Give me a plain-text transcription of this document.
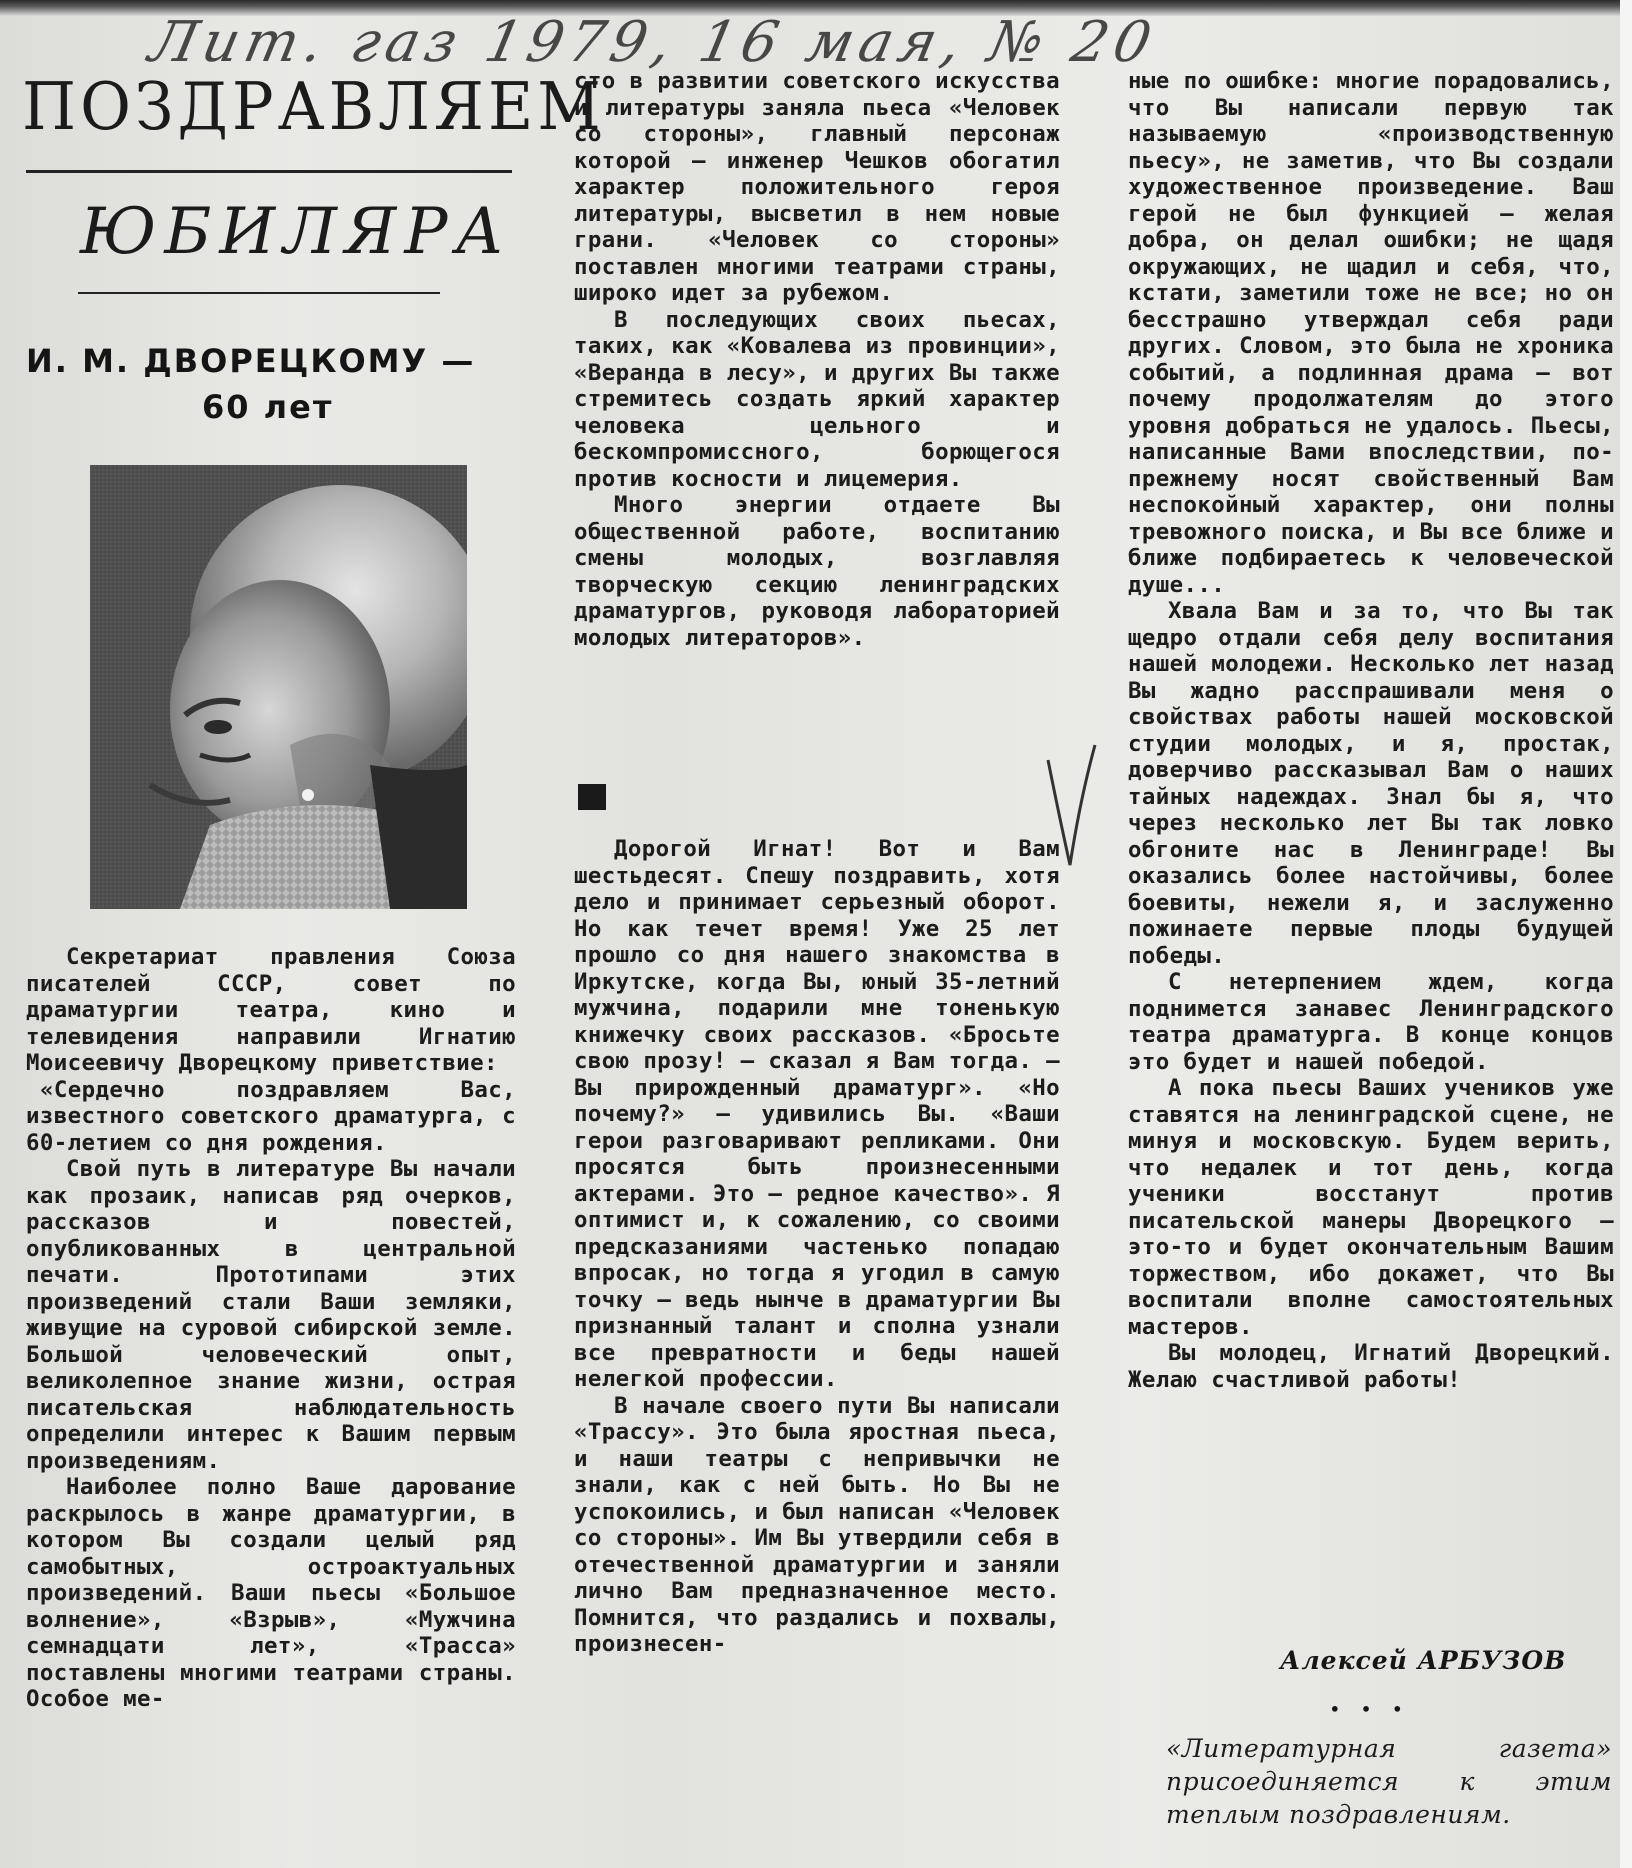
Лит. газ 1979, 16 мая, № 20
ПОЗДРАВЛЯЕМ
ЮБИЛЯРА
И. М. ДВОРЕЦКОМУ —
60 лет

Секретариат правления Союза писателей СССР, совет по драматургии театра, кино и телевидения направили Игнатию Моисеевичу Дворецкому приветствие:

«Сердечно поздравляем Вас, известного советского драматурга, с 60-летием со дня рождения.

Свой путь в литературе Вы начали как прозаик, написав ряд очерков, рассказов и повестей, опубликованных в центральной печати. Прототипами этих произведений стали Ваши земляки, живущие на суровой сибирской земле. Большой человеческий опыт, великолепное знание жизни, острая писательская наблюдательность определили интерес к Вашим первым произведениям.

Наиболее полно Ваше дарование раскрылось в жанре драматургии, в котором Вы создали целый ряд самобытных, остроактуальных произведений. Ваши пьесы «Большое волнение», «Взрыв», «Мужчина семнадцати лет», «Трасса» поставлены многими театрами страны. Особое ме-

сто в развитии советского искусства и литературы заняла пьеса «Человек со стороны», главный персонаж которой — инженер Чешков обогатил характер положительного героя литературы, высветил в нем новые грани. «Человек со стороны» поставлен многими театрами страны, широко идет за рубежом.

В последующих своих пьесах, таких, как «Ковалева из провинции», «Веранда в лесу», и других Вы также стремитесь создать яркий характер человека цельного и бескомпромиссного, борющегося против косности и лицемерия.

Много энергии отдаете Вы общественной работе, воспитанию смены молодых, возглавляя творческую секцию ленинградских драматургов, руководя лабораторией молодых литераторов».

Дорогой Игнат! Вот и Вам шестьдесят. Спешу поздравить, хотя дело и принимает серьезный оборот. Но как течет время! Уже 25 лет прошло со дня нашего знакомства в Иркутске, когда Вы, юный 35-летний мужчина, подарили мне тоненькую книжечку своих рассказов. «Бросьте свою прозу! — сказал я Вам тогда. — Вы прирожденный драматург». «Но почему?» — удивились Вы. «Ваши герои разговаривают репликами. Они просятся быть произнесенными актерами. Это — редное качество». Я оптимист и, к сожалению, со своими предсказаниями частенько попадаю впросак, но тогда я угодил в самую точку — ведь нынче в драматургии Вы признанный талант и сполна узнали все превратности и беды нашей нелегкой профессии.

В начале своего пути Вы написали «Трассу». Это была яростная пьеса, и наши театры с непривычки не знали, как с ней быть. Но Вы не успокоились, и был написан «Человек со стороны». Им Вы утвердили себя в отечественной драматургии и заняли лично Вам предназначенное место. Помнится, что раздались и похвалы, произнесен-

ные по ошибке: многие порадовались, что Вы написали первую так называемую «производственную пьесу», не заметив, что Вы создали художественное произведение. Ваш герой не был функцией — желая добра, он делал ошибки; не щадя окружающих, не щадил и себя, что, кстати, заметили тоже не все; но он бесстрашно утверждал себя ради других. Словом, это была не хроника событий, а подлинная драма — вот почему продолжателям до этого уровня добраться не удалось. Пьесы, написанные Вами впоследствии, по-прежнему носят свойственный Вам неспокойный характер, они полны тревожного поиска, и Вы все ближе и ближе подбираетесь к человеческой душе...

Хвала Вам и за то, что Вы так щедро отдали себя делу воспитания нашей молодежи. Несколько лет назад Вы жадно расспрашивали меня о свойствах работы нашей московской студии молодых, и я, простак, доверчиво рассказывал Вам о наших тайных надеждах. Знал бы я, что через несколько лет Вы так ловко обгоните нас в Ленинграде! Вы оказались более настойчивы, более боевиты, нежели я, и заслуженно пожинаете первые плоды будущей победы.

С нетерпением ждем, когда поднимется занавес Ленинградского театра драматурга. В конце концов это будет и нашей победой.

А пока пьесы Ваших учеников уже ставятся на ленинградской сцене, не минуя и московскую. Будем верить, что недалек и тот день, когда ученики восстанут против писательской манеры Дворецкого — это-то и будет окончательным Вашим торжеством, ибо докажет, что Вы воспитали вполне самостоятельных мастеров.

Вы молодец, Игнатий Дворецкий. Желаю счастливой работы!

Алексей АРБУЗОВ
• • •
«Литературная газета» присоединяется к этим теплым поздравлениям.
